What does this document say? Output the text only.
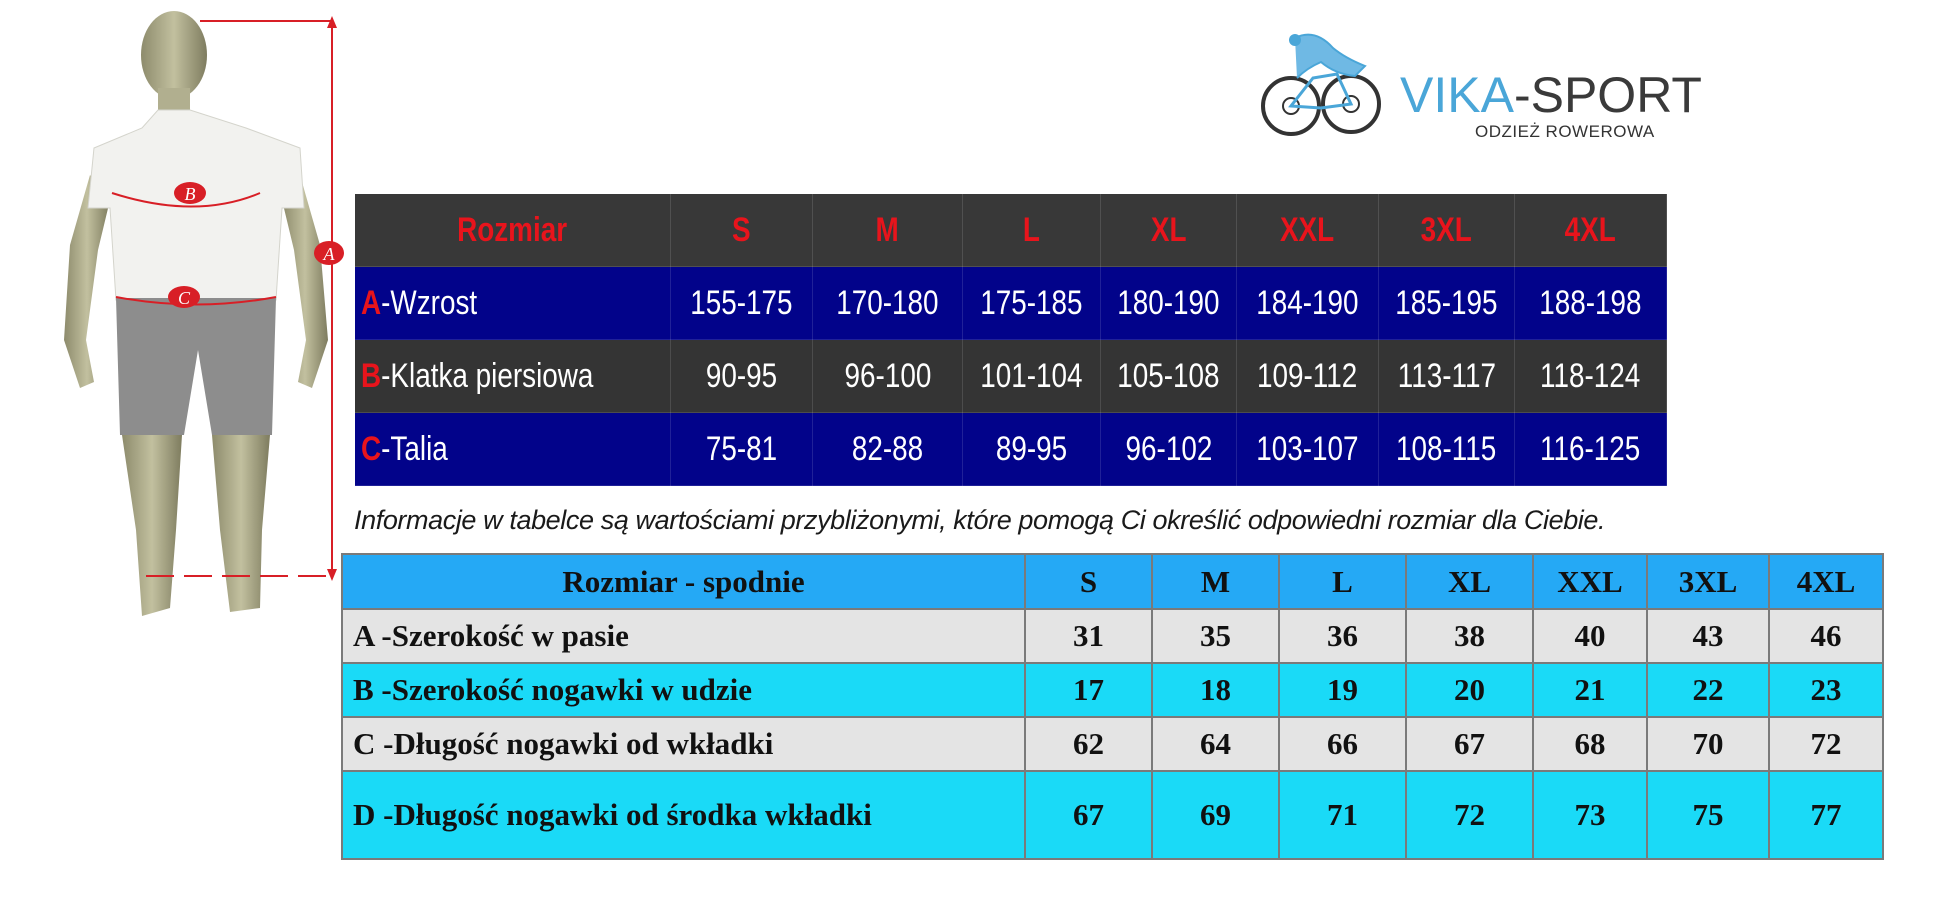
B
C
A
VIKA-SPORT
ODZIEŻ ROWEROWA
Rozmiar	S	M	L	XL	XXL	3XL	4XL
A-Wzrost	155-175	170-180	175-185	180-190	184-190	185-195	188-198
B-Klatka piersiowa	90-95	96-100	101-104	105-108	109-112	113-117	118-124
C-Talia	75-81	82-88	89-95	96-102	103-107	108-115	116-125
Informacje w tabelce są wartościami przybliżonymi, które pomogą Ci określić odpowiedni rozmiar dla Ciebie.
Rozmiar - spodnie	S	M	L	XL	XXL	3XL	4XL
A -Szerokość w pasie	31	35	36	38	40	43	46
B -Szerokość nogawki w udzie	17	18	19	20	21	22	23
C -Długość nogawki od wkładki	62	64	66	67	68	70	72
D -Długość nogawki od środka wkładki	67	69	71	72	73	75	77
